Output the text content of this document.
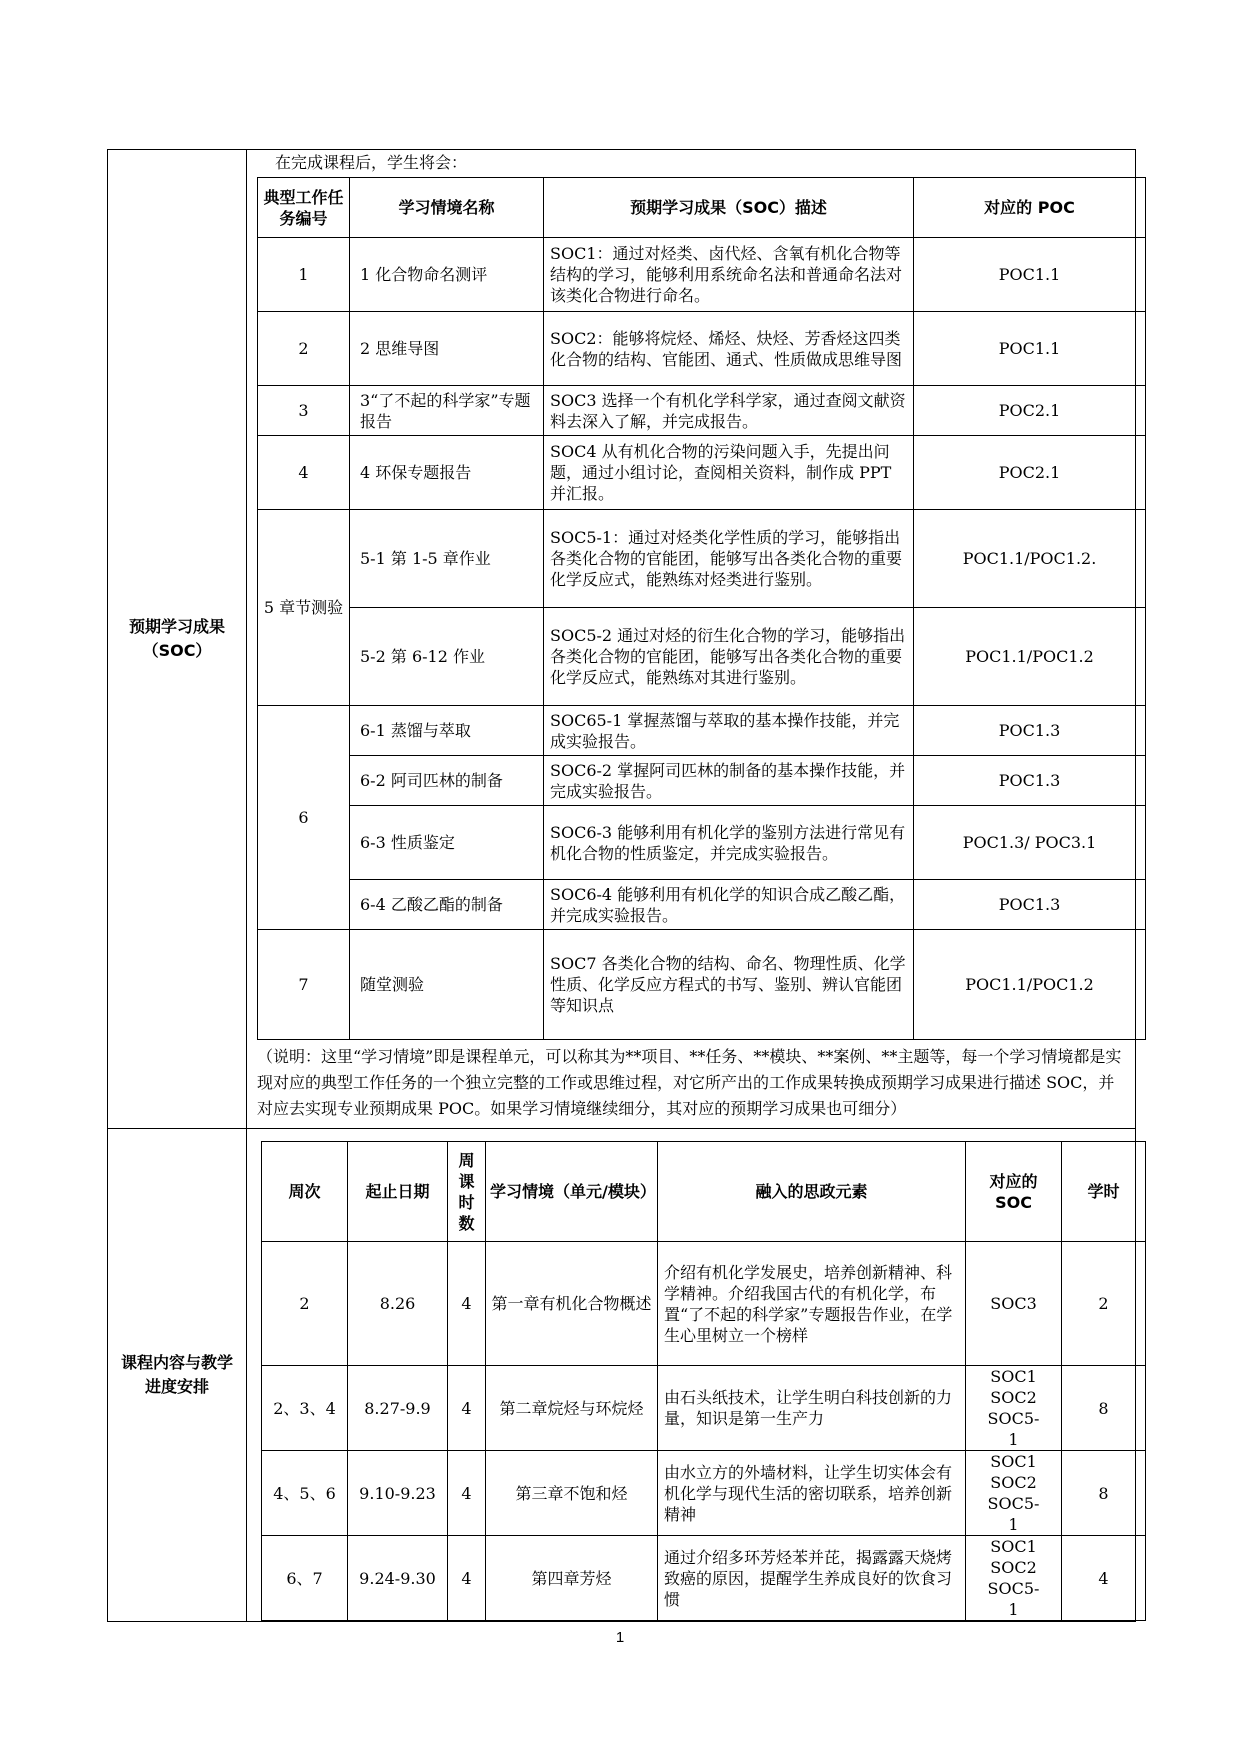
预期学习成果（SOC）	
在完成课程后，学生将会：
典型工作任务编号	学习情境名称	预期学习成果（SOC）描述	对应的 POC
1	1 化合物命名测评	SOC1：通过对烃类、卤代烃、含氧有机化合物等结构的学习，能够利用系统命名法和普通命名法对该类化合物进行命名。	POC1.1
2	2 思维导图	SOC2：能够将烷烃、烯烃、炔烃、芳香烃这四类化合物的结构、官能团、通式、性质做成思维导图	POC1.1
3	3“了不起的科学家”专题报告	SOC3 选择一个有机化学科学家，通过查阅文献资料去深入了解，并完成报告。	POC2.1
4	4 环保专题报告	SOC4 从有机化合物的污染问题入手，先提出问题，通过小组讨论，查阅相关资料，制作成 PPT 并汇报。	POC2.1
5 章节测验	5-1 第 1-5 章作业	SOC5-1：通过对烃类化学性质的学习，能够指出各类化合物的官能团，能够写出各类化合物的重要化学反应式，能熟练对烃类进行鉴别。	POC1.1/POC1.2.
5-2 第 6-12 作业	SOC5-2 通过对烃的衍生化合物的学习，能够指出各类化合物的官能团，能够写出各类化合物的重要化学反应式，能熟练对其进行鉴别。	POC1.1/POC1.2
6	6-1 蒸馏与萃取	SOC65-1 掌握蒸馏与萃取的基本操作技能，并完成实验报告。	POC1.3
6-2 阿司匹林的制备	SOC6-2 掌握阿司匹林的制备的基本操作技能，并完成实验报告。	POC1.3
6-3 性质鉴定	SOC6-3 能够利用有机化学的鉴别方法进行常见有机化合物的性质鉴定，并完成实验报告。	POC1.3/ POC3.1
6-4 乙酸乙酯的制备	SOC6-4 能够利用有机化学的知识合成乙酸乙酯，并完成实验报告。	POC1.3
7	随堂测验	SOC7 各类化合物的结构、命名、物理性质、化学性质、化学反应方程式的书写、鉴别、辨认官能团等知识点	POC1.1/POC1.2
（说明：这里“学习情境”即是课程单元，可以称其为**项目、**任务、**模块、**案例、**主题等，每一个学习情境都是实现对应的典型工作任务的一个独立完整的工作或思维过程，对它所产出的工作成果转换成预期学习成果进行描述 SOC，并对应去实现专业预期成果 POC。如果学习情境继续细分，其对应的预期学习成果也可细分）

课程内容与教学进度安排	
周次	起止日期	周课时数	学习情境（单元/模块）	融入的思政元素	对应的 SOC	学时
2	8.26	4	第一章有机化合物概述	介绍有机化学发展史，培养创新精神、科学精神。介绍我国古代的有机化学，布置“了不起的科学家”专题报告作业，在学生心里树立一个榜样	SOC3	2
2、3、4	8.27-9.9	4	第二章烷烃与环烷烃	由石头纸技术，让学生明白科技创新的力量，知识是第一生产力	SOC1 SOC2 SOC5-1	8
4、5、6	9.10-9.23	4	第三章不饱和烃	由水立方的外墙材料，让学生切实体会有机化学与现代生活的密切联系，培养创新精神	SOC1 SOC2 SOC5-1	8
6、7	9.24-9.30	4	第四章芳烃	通过介绍多环芳烃苯并芘，揭露露天烧烤致癌的原因，提醒学生养成良好的饮食习惯	SOC1 SOC2 SOC5-1	4
1
